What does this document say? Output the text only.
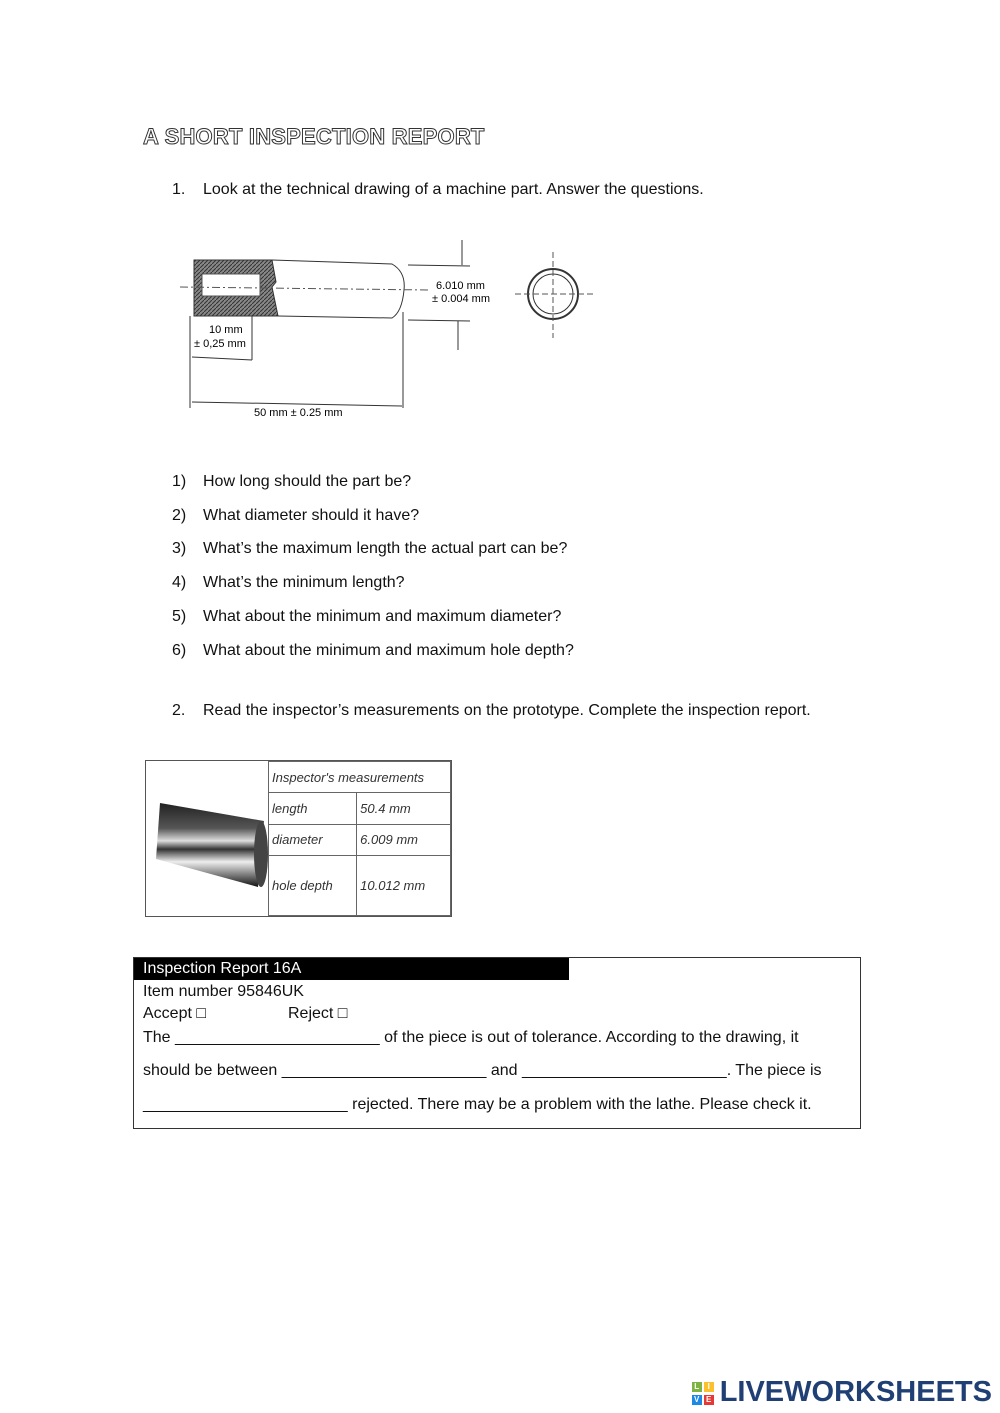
A SHORT INSPECTION REPORT
1. Look at the technical drawing of a machine part. Answer the questions.
10 mm
± 0,25 mm
6.010 mm
± 0.004 mm
50 mm ± 0.25 mm
1) How long should the part be?
2) What diameter should it have?
3) What’s the maximum length the actual part can be?
4) What’s the minimum length?
5) What about the minimum and maximum diameter?
6) What about the minimum and maximum hole depth?
2. Read the inspector’s measurements on the prototype. Complete the inspection report.
Inspector's measurements	
length	50.4 mm
diameter	6.009 mm
hole depth	10.012 mm
Inspection Report 16A
Item number 95846UK
Accept □	Reject □
The _______________________ of the piece is out of tolerance. According to the drawing, it
should be between _______________________ and _______________________. The piece is
_______________________ rejected. There may be a problem with the lathe. Please check it.
L IV E LIVEWORKSHEETS
